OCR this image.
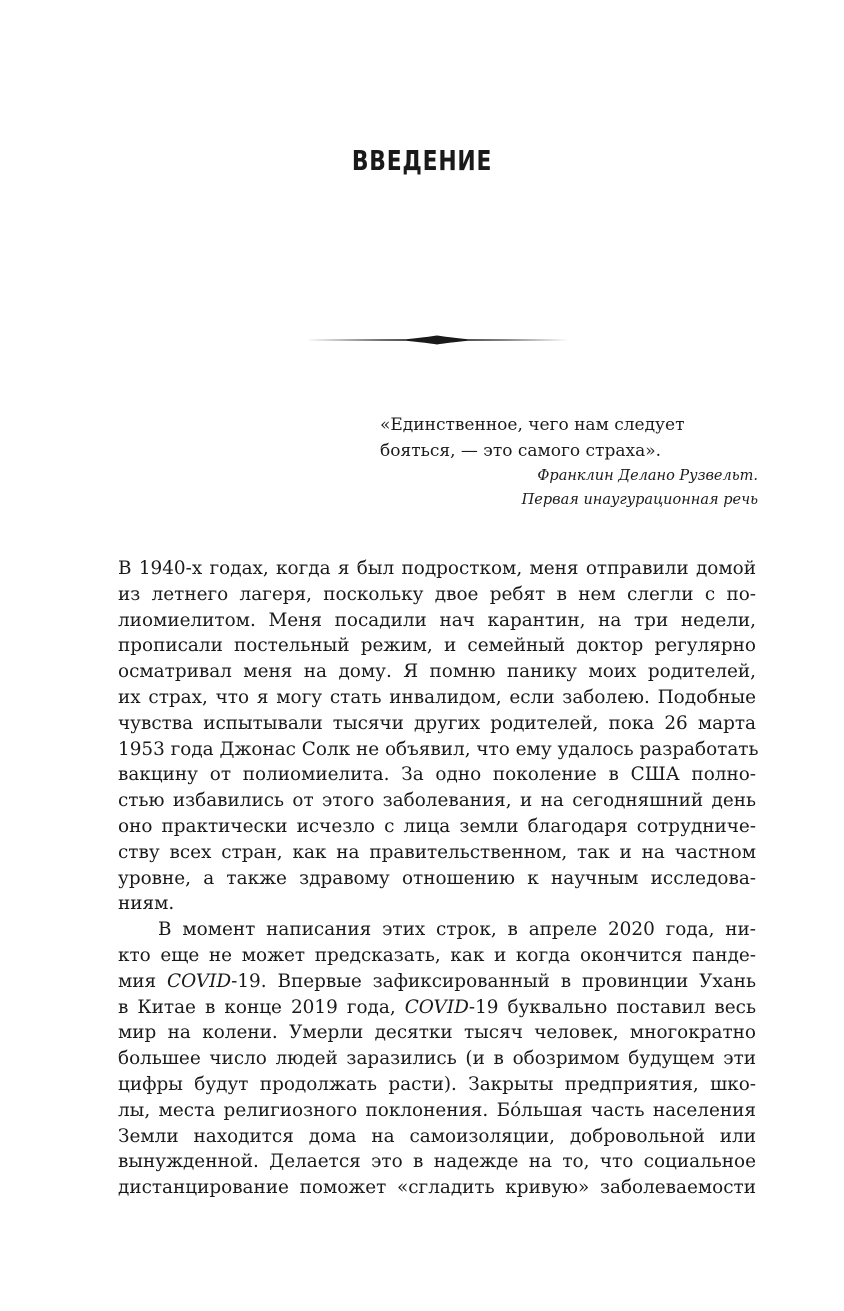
ВВЕДЕНИЕ
«Единственное, чего нам следует
бояться, — это самого страха».
Франклин Делано Рузвельт.
Первая инаугурационная речь
В 1940-х годах, когда я был подростком, меня отправили домой
из летнего лагеря, поскольку двое ребят в нем слегли с по-
лиомиелитом. Меня посадили нач карантин, на три недели,
прописали постельный режим, и семейный доктор регулярно
осматривал меня на дому. Я помню панику моих родителей,
их страх, что я могу стать инвалидом, если заболею. Подобные
чувства испытывали тысячи других родителей, пока 26 марта
1953 года Джонас Солк не объявил, что ему удалось разработать
вакцину от полиомиелита. За одно поколение в США полно-
стью избавились от этого заболевания, и на сегодняшний день
оно практически исчезло с лица земли благодаря сотрудниче-
ству всех стран, как на правительственном, так и на частном
уровне, а также здравому отношению к научным исследова-
ниям.
В момент написания этих строк, в апреле 2020 года, ни-
кто еще не может предсказать, как и когда окончится панде-
мия COVID-19. Впервые зафиксированный в провинции Ухань
в Китае в конце 2019 года, COVID-19 буквально поставил весь
мир на колени. Умерли десятки тысяч человек, многократно
большее число людей заразились (и в обозримом будущем эти
цифры будут продолжать расти). Закрыты предприятия, шко-
лы, места религиозного поклонения. Бóльшая часть населения
Земли находится дома на самоизоляции, добровольной или
вынужденной. Делается это в надежде на то, что социальное
дистанцирование поможет «сгладить кривую» заболеваемости
